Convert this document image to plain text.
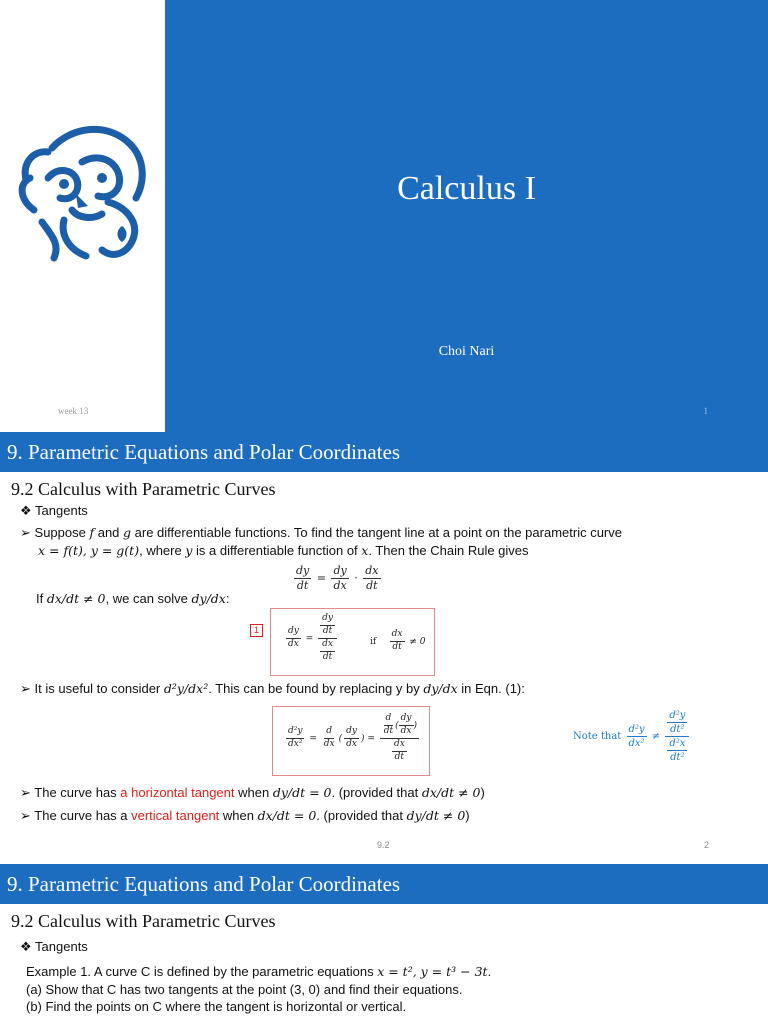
week 13
Calculus I
Choi Nari
1
9. Parametric Equations and Polar Coordinates
9.2 Calculus with Parametric Curves
❖ Tangents
➢ Suppose f and g are differentiable functions. To find the tangent line at a point on the parametric curve
x = f(t), y = g(t), where y is a differentiable function of x. Then the Chain Rule gives
$\frac{dy}{dt} = \frac{dy}{dx} \cdot \frac{dx}{dt}$
If dx/dt ≠ 0, we can solve dy/dx:
1	$\frac{dy}{dx} = \frac{\frac{dy}{dt}}{\frac{dx}{dt}}$	if $\frac{dx}{dt} \ne 0$
➢ It is useful to consider d²y/dx². This can be found by replacing y by dy/dx in Eqn. (1):
$\frac{\text{d²y}}{\text{dx²}} = \frac{d}{dx}$ ( $\frac{dy}{dx}$ ) = $\frac{\frac{d}{dt} ( \frac{dy}{dx} )}{\frac{dx}{dt}}$	Note that $\frac{\text{d²y}}{\text{dx²}} \ne \frac{\frac{\text{d²y}}{\text{dt²}}}{\frac{\text{d²x}}{\text{dt²}}}$
➢ The curve has a horizontal tangent when dy/dt = 0. (provided that dx/dt ≠ 0)
➢ The curve has a vertical tangent when dx/dt = 0. (provided that dy/dt ≠ 0)
9.2	2
9. Parametric Equations and Polar Coordinates
9.2 Calculus with Parametric Curves
❖ Tangents
Example 1. A curve C is defined by the parametric equations x = t², y = t³ − 3t.
(a) Show that C has two tangents at the point (3, 0) and find their equations.
(b) Find the points on C where the tangent is horizontal or vertical.
